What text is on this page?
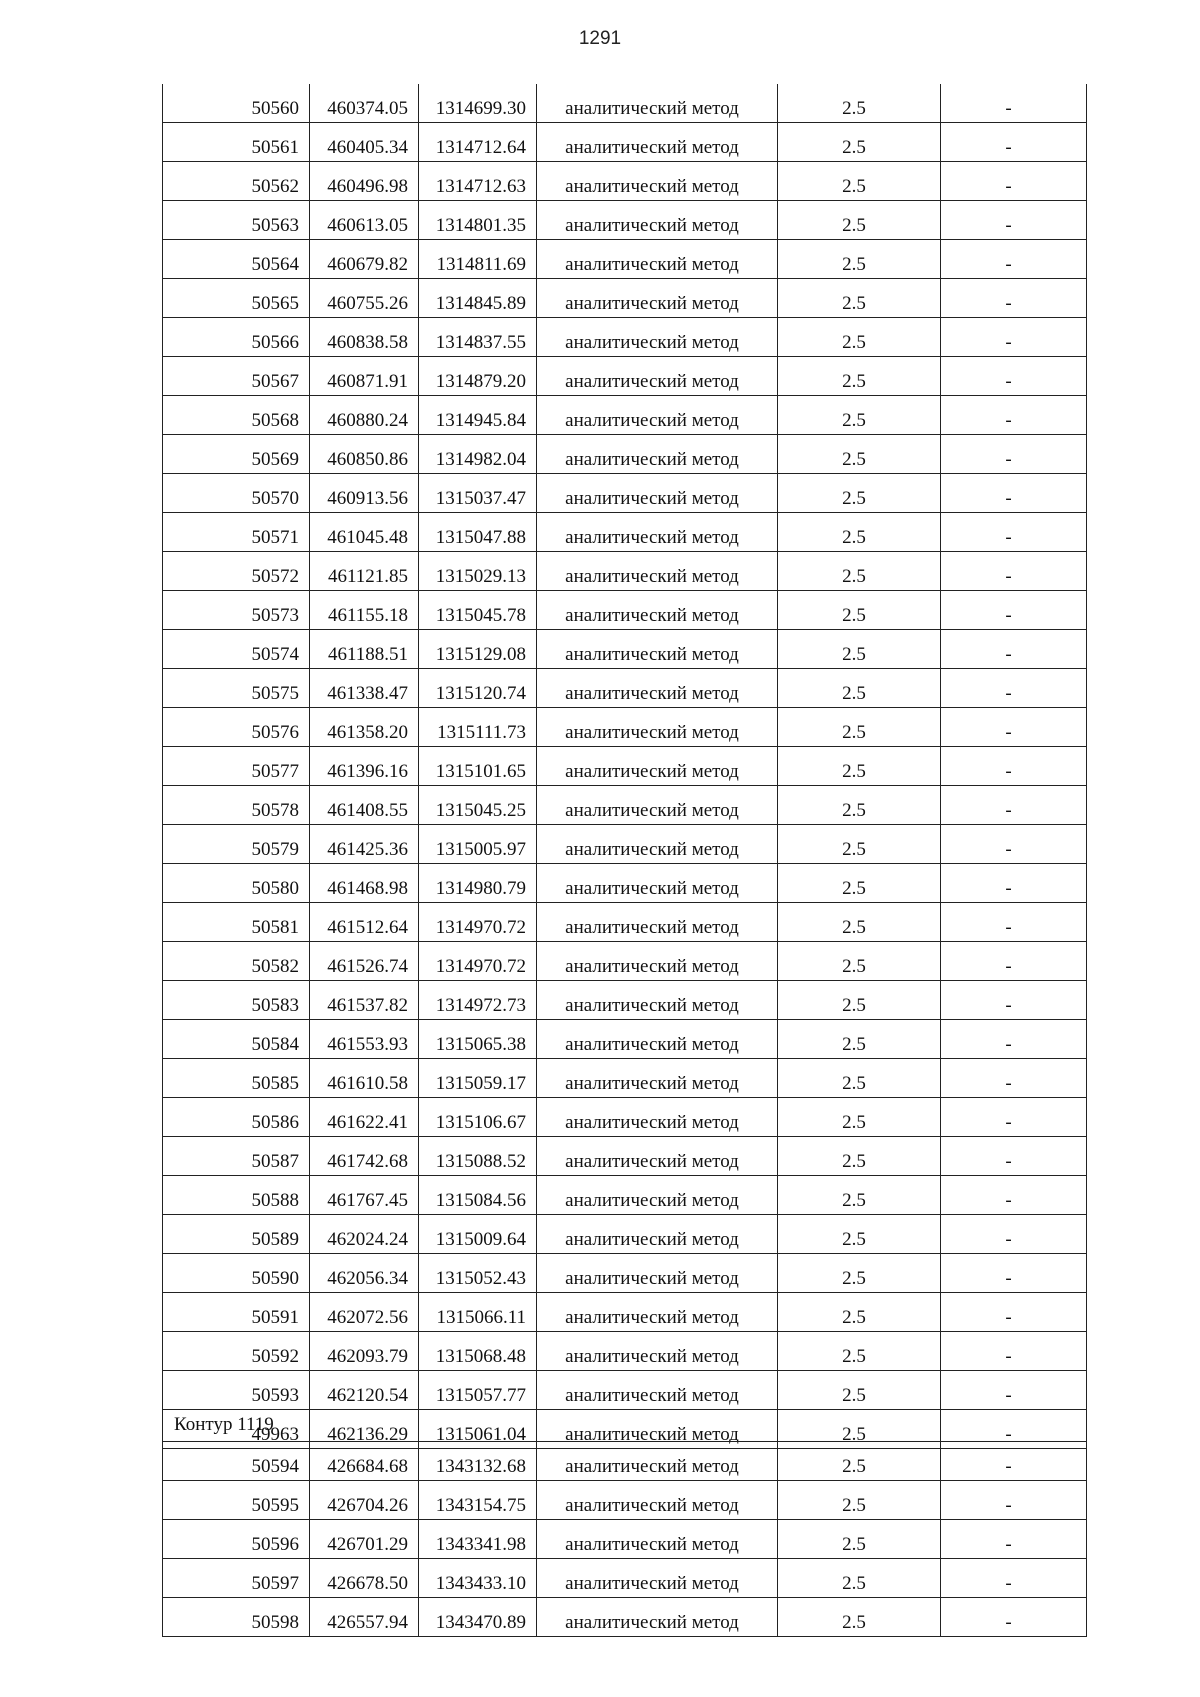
1291
50560	460374.05	1314699.30	аналитический метод	2.5	-
50561	460405.34	1314712.64	аналитический метод	2.5	-
50562	460496.98	1314712.63	аналитический метод	2.5	-
50563	460613.05	1314801.35	аналитический метод	2.5	-
50564	460679.82	1314811.69	аналитический метод	2.5	-
50565	460755.26	1314845.89	аналитический метод	2.5	-
50566	460838.58	1314837.55	аналитический метод	2.5	-
50567	460871.91	1314879.20	аналитический метод	2.5	-
50568	460880.24	1314945.84	аналитический метод	2.5	-
50569	460850.86	1314982.04	аналитический метод	2.5	-
50570	460913.56	1315037.47	аналитический метод	2.5	-
50571	461045.48	1315047.88	аналитический метод	2.5	-
50572	461121.85	1315029.13	аналитический метод	2.5	-
50573	461155.18	1315045.78	аналитический метод	2.5	-
50574	461188.51	1315129.08	аналитический метод	2.5	-
50575	461338.47	1315120.74	аналитический метод	2.5	-
50576	461358.20	1315111.73	аналитический метод	2.5	-
50577	461396.16	1315101.65	аналитический метод	2.5	-
50578	461408.55	1315045.25	аналитический метод	2.5	-
50579	461425.36	1315005.97	аналитический метод	2.5	-
50580	461468.98	1314980.79	аналитический метод	2.5	-
50581	461512.64	1314970.72	аналитический метод	2.5	-
50582	461526.74	1314970.72	аналитический метод	2.5	-
50583	461537.82	1314972.73	аналитический метод	2.5	-
50584	461553.93	1315065.38	аналитический метод	2.5	-
50585	461610.58	1315059.17	аналитический метод	2.5	-
50586	461622.41	1315106.67	аналитический метод	2.5	-
50587	461742.68	1315088.52	аналитический метод	2.5	-
50588	461767.45	1315084.56	аналитический метод	2.5	-
50589	462024.24	1315009.64	аналитический метод	2.5	-
50590	462056.34	1315052.43	аналитический метод	2.5	-
50591	462072.56	1315066.11	аналитический метод	2.5	-
50592	462093.79	1315068.48	аналитический метод	2.5	-
50593	462120.54	1315057.77	аналитический метод	2.5	-
49963	462136.29	1315061.04	аналитический метод	2.5	-
Контур 1119
50594	426684.68	1343132.68	аналитический метод	2.5	-
50595	426704.26	1343154.75	аналитический метод	2.5	-
50596	426701.29	1343341.98	аналитический метод	2.5	-
50597	426678.50	1343433.10	аналитический метод	2.5	-
50598	426557.94	1343470.89	аналитический метод	2.5	-
